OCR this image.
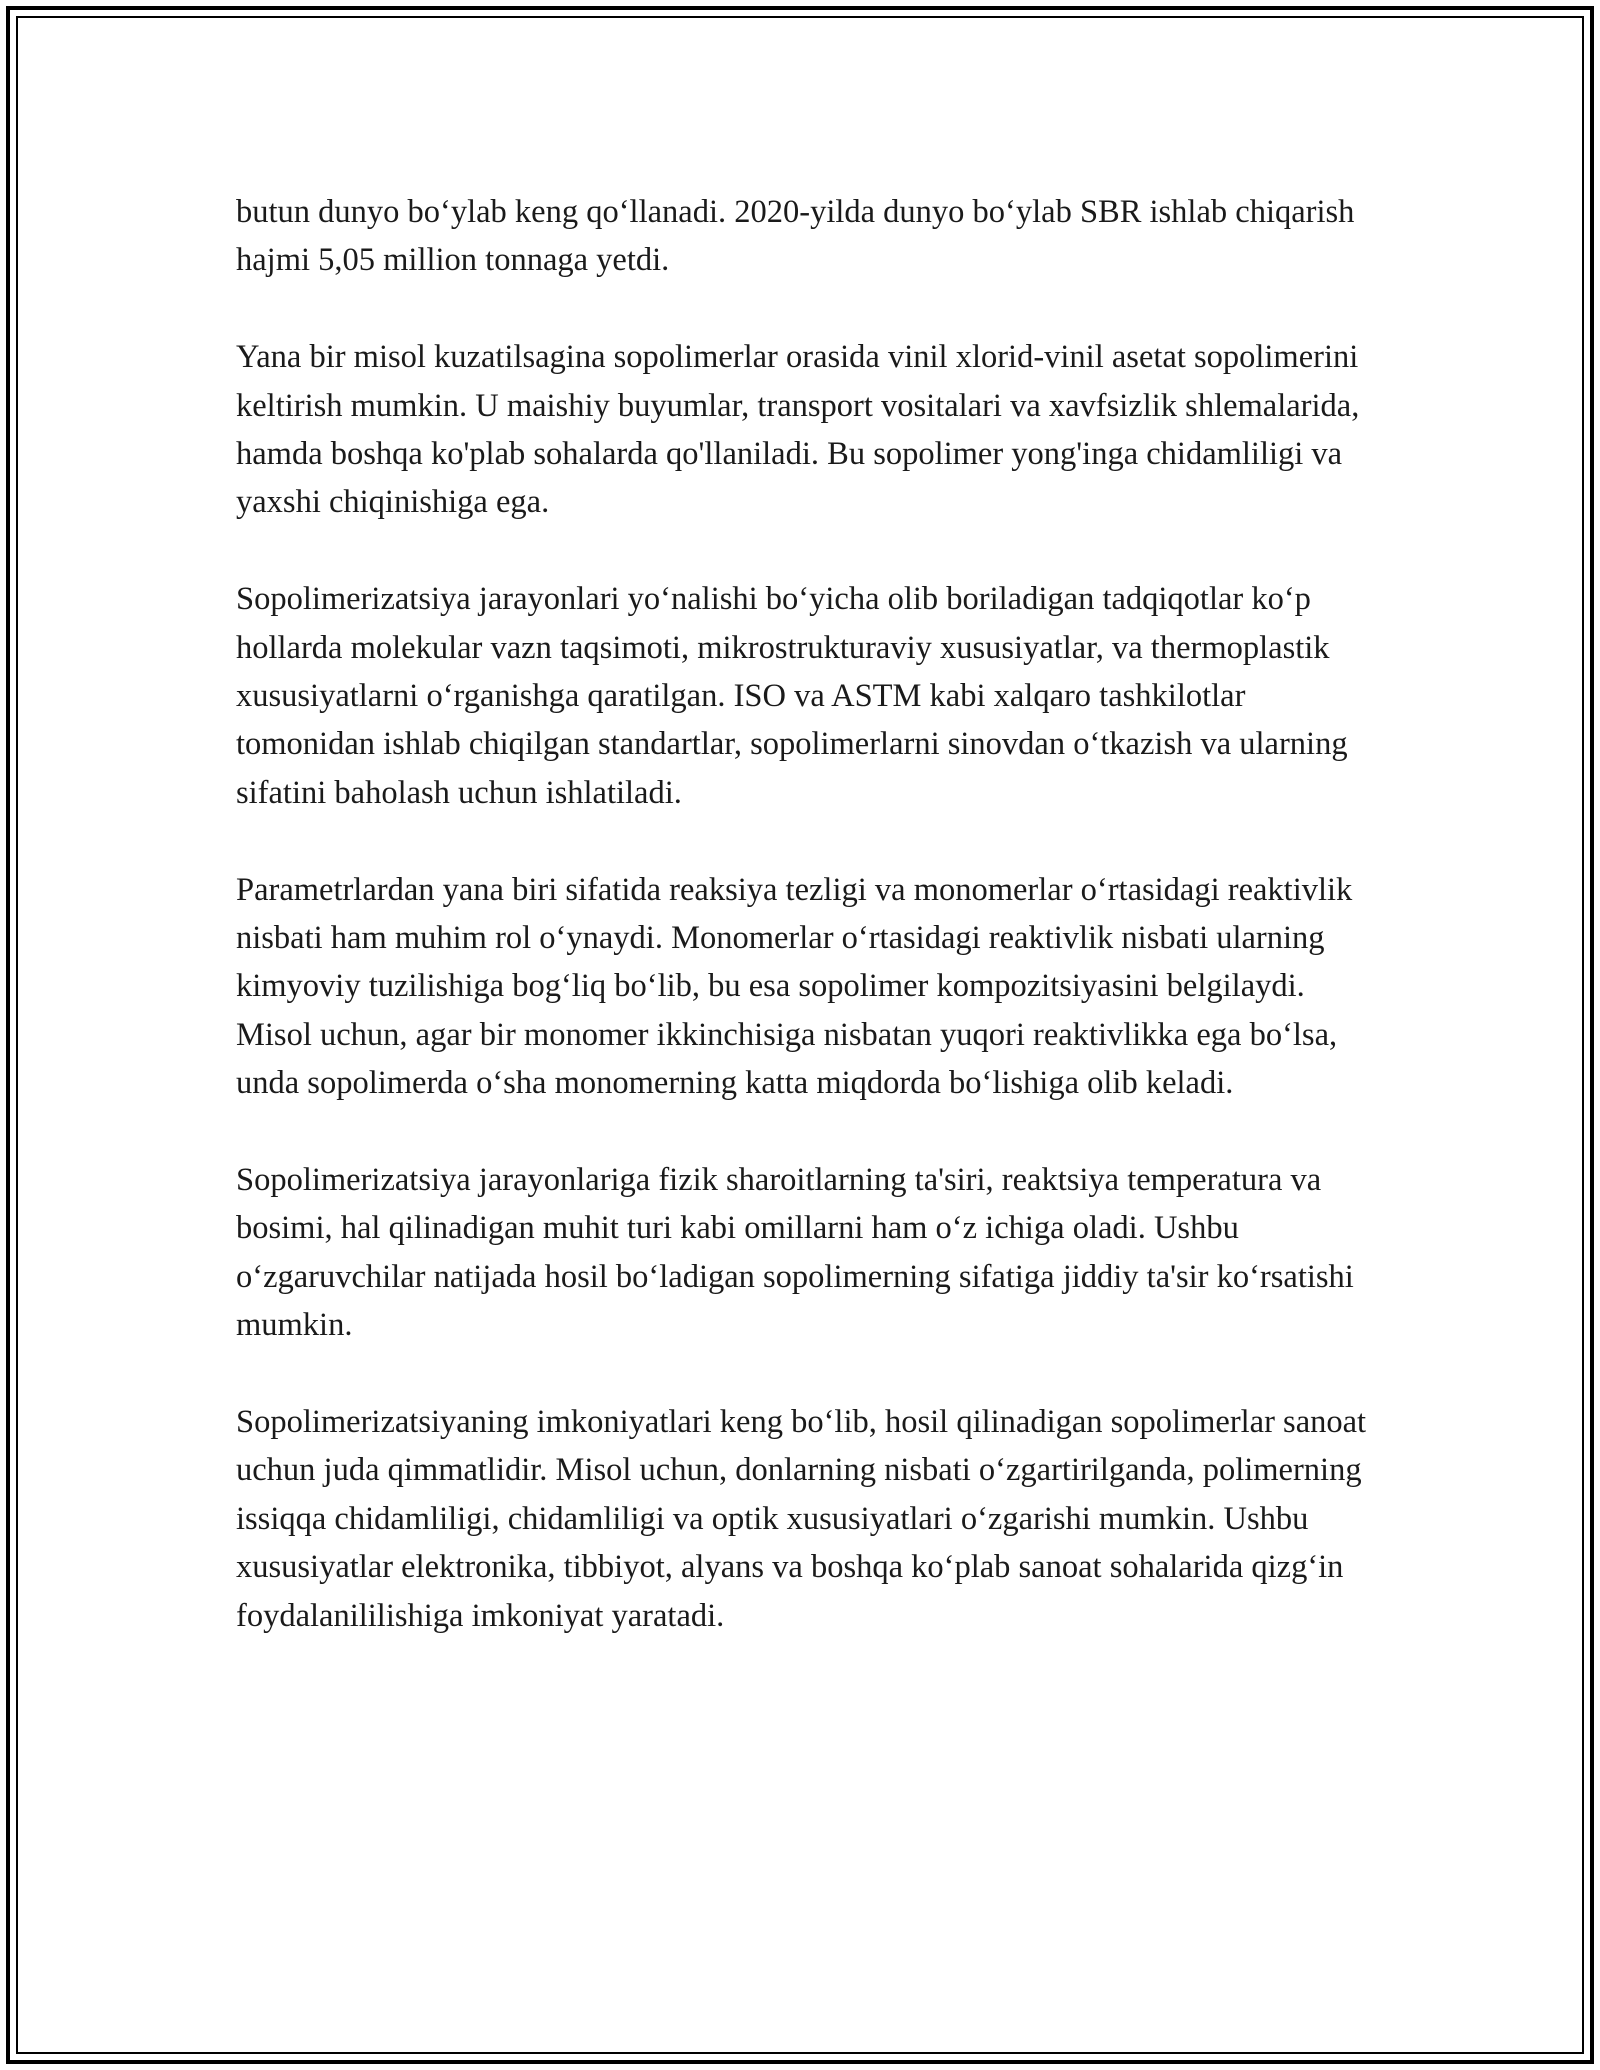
butun dunyo bo‘ylab keng qo‘llanadi. 2020-yilda dunyo bo‘ylab SBR ishlab chiqarish hajmi 5,05 million tonnaga yetdi.

Yana bir misol kuzatilsagina sopolimerlar orasida vinil xlorid-vinil asetat sopolimerini keltirish mumkin. U maishiy buyumlar, transport vositalari va xavfsizlik shlemalarida, hamda boshqa ko'plab sohalarda qo'llaniladi. Bu sopolimer yong'inga chidamliligi va yaxshi chiqinishiga ega.

Sopolimerizatsiya jarayonlari yo‘nalishi bo‘yicha olib boriladigan tadqiqotlar ko‘p hollarda molekular vazn taqsimoti, mikrostrukturaviy xususiyatlar, va thermoplastik xususiyatlarni o‘rganishga qaratilgan. ISO va ASTM kabi xalqaro tashkilotlar tomonidan ishlab chiqilgan standartlar, sopolimerlarni sinovdan o‘tkazish va ularning sifatini baholash uchun ishlatiladi.

Parametrlardan yana biri sifatida reaksiya tezligi va monomerlar o‘rtasidagi reaktivlik nisbati ham muhim rol o‘ynaydi. Monomerlar o‘rtasidagi reaktivlik nisbati ularning kimyoviy tuzilishiga bog‘liq bo‘lib, bu esa sopolimer kompozitsiyasini belgilaydi. Misol uchun, agar bir monomer ikkinchisiga nisbatan yuqori reaktivlikka ega bo‘lsa, unda sopolimerda o‘sha monomerning katta miqdorda bo‘lishiga olib keladi.

Sopolimerizatsiya jarayonlariga fizik sharoitlarning ta'siri, reaktsiya temperatura va bosimi, hal qilinadigan muhit turi kabi omillarni ham o‘z ichiga oladi. Ushbu o‘zgaruvchilar natijada hosil bo‘ladigan sopolimerning sifatiga jiddiy ta'sir ko‘rsatishi mumkin.

Sopolimerizatsiyaning imkoniyatlari keng bo‘lib, hosil qilinadigan sopolimerlar sanoat uchun juda qimmatlidir. Misol uchun, donlarning nisbati o‘zgartirilganda, polimerning issiqqa chidamliligi, chidamliligi va optik xususiyatlari o‘zgarishi mumkin. Ushbu xususiyatlar elektronika, tibbiyot, alyans va boshqa ko‘plab sanoat sohalarida qizg‘in foydalanililishiga imkoniyat yaratadi.
